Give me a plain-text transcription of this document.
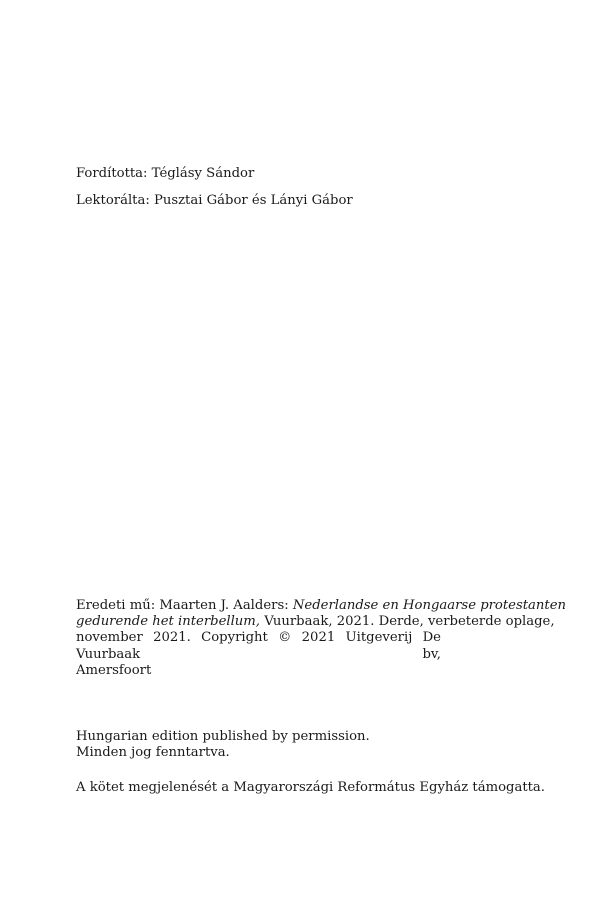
Fordította: Téglásy Sándor
Lektorálta: Pusztai Gábor és Lányi Gábor
Eredeti mű: Maarten J. Aalders: Nederlandse en Hongaarse protestanten
gedurende het interbellum, Vuurbaak, 2021. Derde, verbeterde oplage,
november 2021. Copyright © 2021 Uitgeverij De Vuurbaak bv,
Amersfoort
Hungarian edition published by permission.
Minden jog fenntartva.
A kötet megjelenését a Magyarországi Református Egyház támogatta.
